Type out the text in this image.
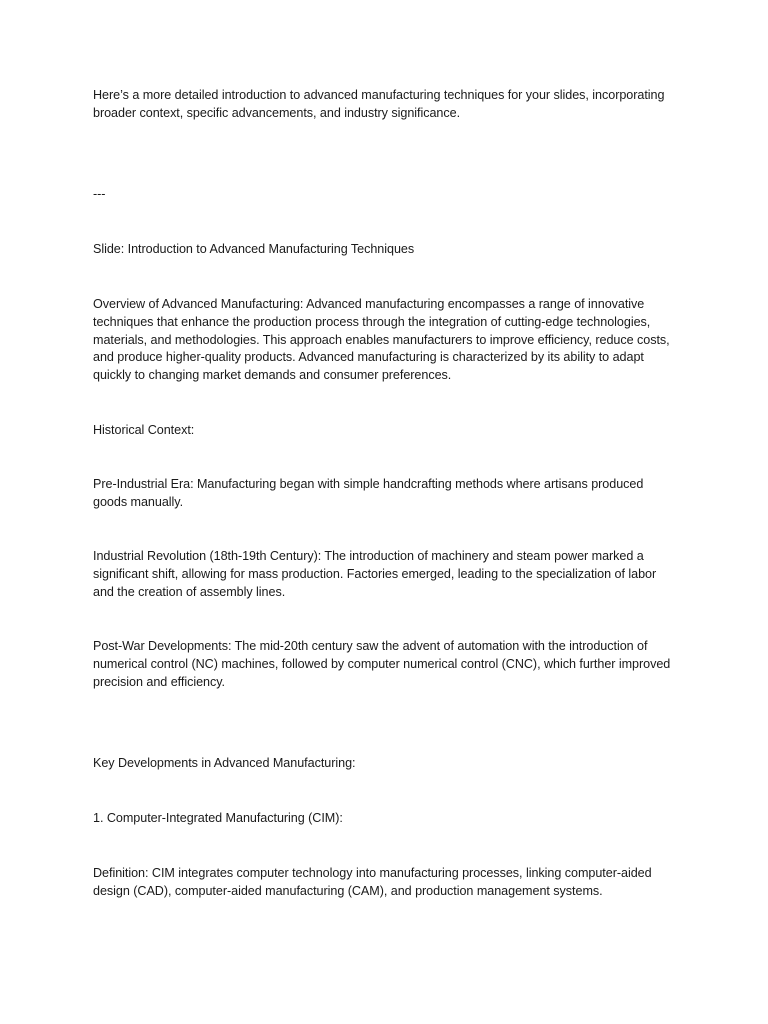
Here’s a more detailed introduction to advanced manufacturing techniques for your slides, incorporating broader context, specific advancements, and industry significance.

---

Slide: Introduction to Advanced Manufacturing Techniques

Overview of Advanced Manufacturing: Advanced manufacturing encompasses a range of innovative techniques that enhance the production process through the integration of cutting-edge technologies, materials, and methodologies. This approach enables manufacturers to improve efficiency, reduce costs, and produce higher-quality products. Advanced manufacturing is characterized by its ability to adapt quickly to changing market demands and consumer preferences.

Historical Context:

Pre-Industrial Era: Manufacturing began with simple handcrafting methods where artisans produced goods manually.

Industrial Revolution (18th-19th Century): The introduction of machinery and steam power marked a significant shift, allowing for mass production. Factories emerged, leading to the specialization of labor and the creation of assembly lines.

Post-War Developments: The mid-20th century saw the advent of automation with the introduction of numerical control (NC) machines, followed by computer numerical control (CNC), which further improved precision and efficiency.

Key Developments in Advanced Manufacturing:

1. Computer-Integrated Manufacturing (CIM):

Definition: CIM integrates computer technology into manufacturing processes, linking computer-aided design (CAD), computer-aided manufacturing (CAM), and production management systems.
